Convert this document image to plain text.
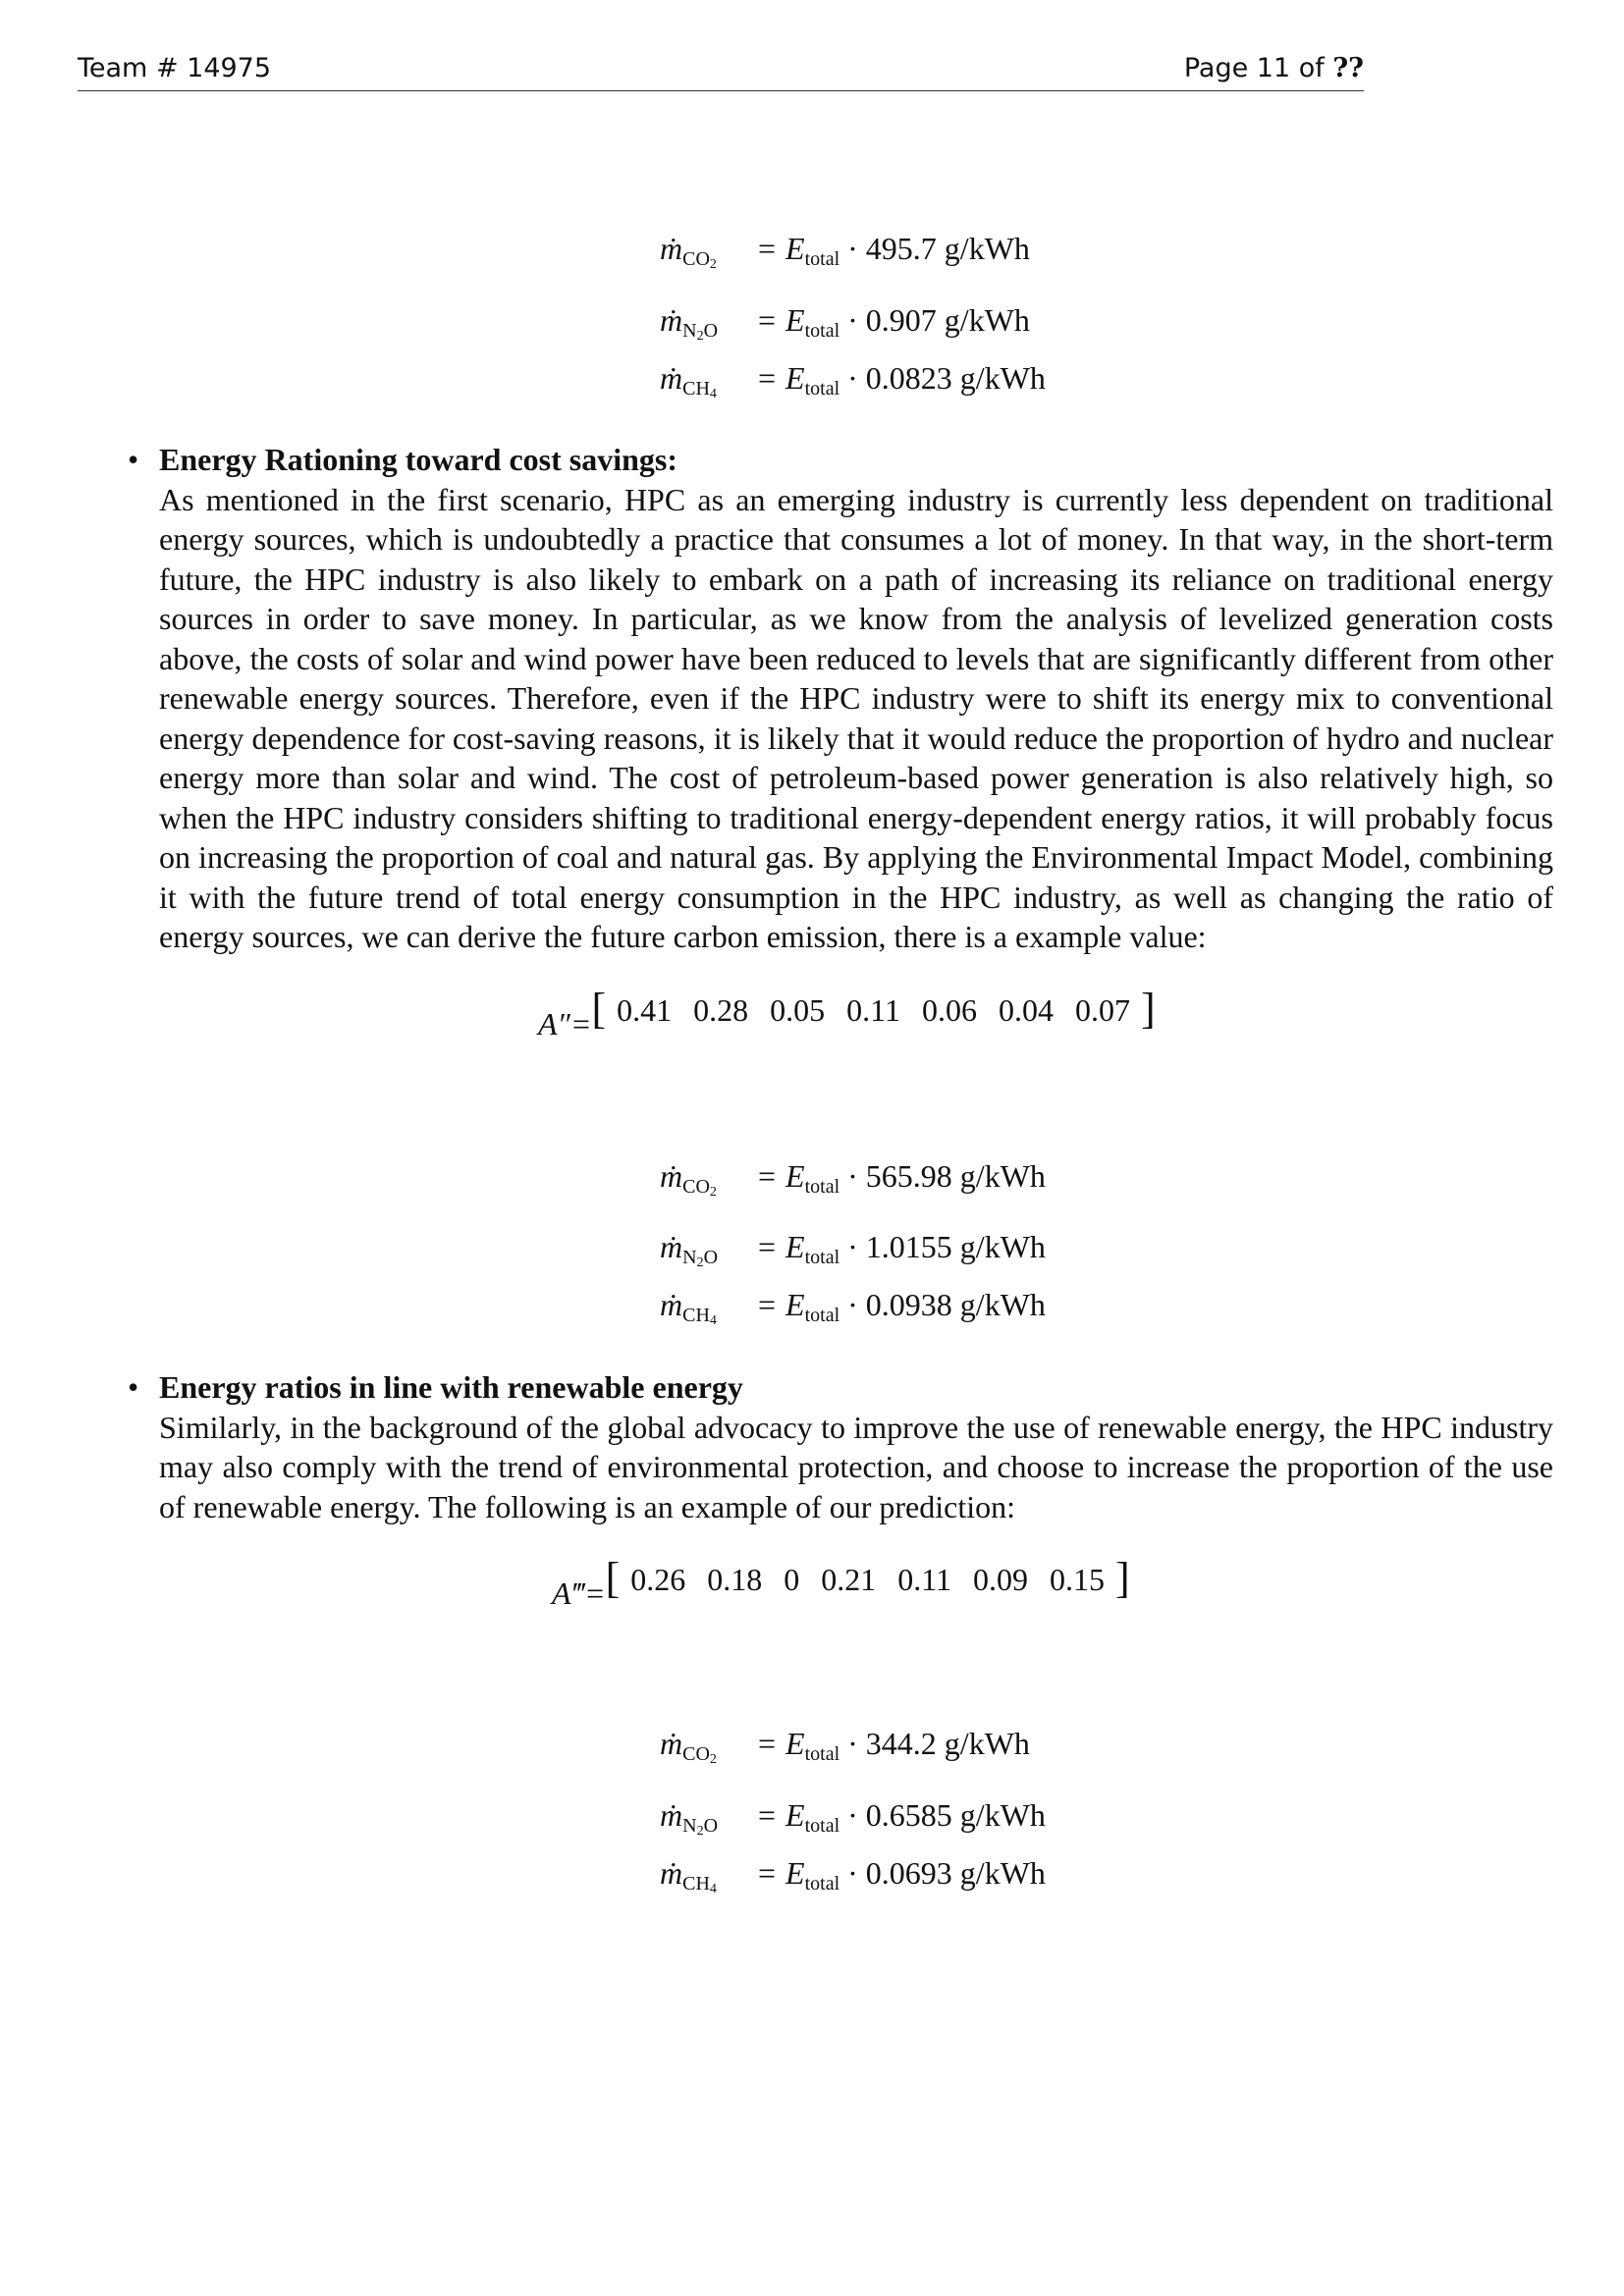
Team # 14975	Page 11 of ??
ṁ$_{CO_2}$ = $E_{total} \cdot 495.7$ g/kWh
ṁ$_{N_2O}$ = $E_{total} \cdot 0.907$ g/kWh
ṁ$_{CH_4}$ = $E_{total} \cdot 0.0823$ g/kWh
• Energy Rationing toward cost savings:
As mentioned in the first scenario, HPC as an emerging industry is currently less dependent on traditional energy sources, which is undoubtedly a practice that consumes a lot of money. In that way, in the short-term future, the HPC industry is also likely to embark on a path of increasing its reliance on traditional energy sources in order to save money. In particular, as we know from the analysis of levelized generation costs above, the costs of solar and wind power have been reduced to levels that are significantly different from other renewable energy sources. Therefore, even if the HPC industry were to shift its energy mix to conventional energy dependence for cost-saving reasons, it is likely that it would reduce the proportion of hydro and nuclear energy more than solar and wind. The cost of petroleum-based power generation is also relatively high, so when the HPC industry considers shifting to traditional energy-dependent energy ratios, it will probably focus on increasing the proportion of coal and natural gas. By applying the Environmental Impact Model, combining it with the future trend of total energy consumption in the HPC industry, as well as changing the ratio of energy sources, we can derive the future carbon emission, there is a example value:
A″=[ 0.41 0.28 0.05 0.11 0.06 0.04 0.07 ]
ṁ$_{CO_2}$ = $E_{total} \cdot 565.98$ g/kWh
ṁ$_{N_2O}$ = $E_{total} \cdot 1.0155$ g/kWh
ṁ$_{CH_4}$ = $E_{total} \cdot 0.0938$ g/kWh
• Energy ratios in line with renewable energy
Similarly, in the background of the global advocacy to improve the use of renewable energy, the HPC industry may also comply with the trend of environmental protection, and choose to increase the proportion of the use of renewable energy. The following is an example of our prediction:
A‴=[ 0.26 0.18 0 0.21 0.11 0.09 0.15 ]
ṁ$_{CO_2}$ = $E_{total} \cdot 344.2$ g/kWh
ṁ$_{N_2O}$ = $E_{total} \cdot 0.6585$ g/kWh
ṁ$_{CH_4}$ = $E_{total} \cdot 0.0693$ g/kWh
